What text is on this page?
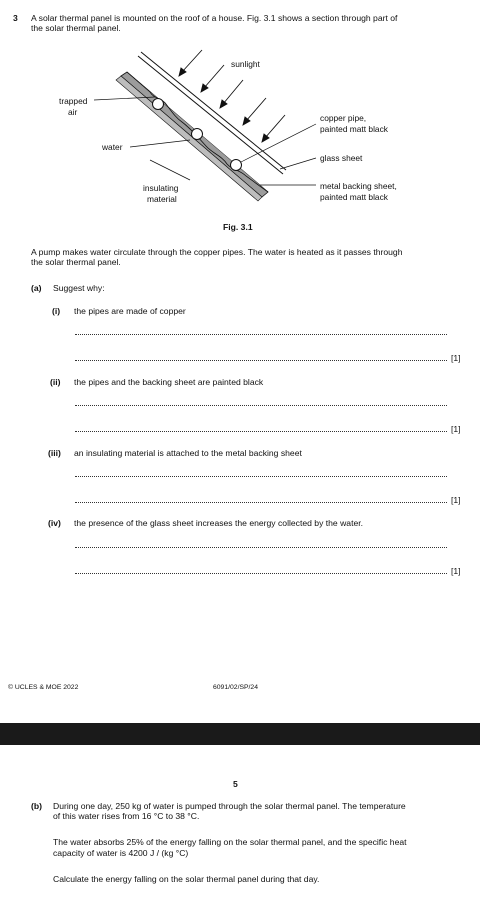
3 A solar thermal panel is mounted on the roof of a house. Fig. 3.1 shows a section through part of
the solar thermal panel.
sunlight
trapped
air
water
insulating
material
copper pipe,
painted matt black
glass sheet
metal backing sheet,
painted matt black
Fig. 3.1
A pump makes water circulate through the copper pipes. The water is heated as it passes through
the solar thermal panel.
(a) Suggest why:
(i) the pipes are made of copper
[1]
(ii) the pipes and the backing sheet are painted black
[1]
(iii) an insulating material is attached to the metal backing sheet
[1]
(iv) the presence of the glass sheet increases the energy collected by the water.
[1]
© UCLES & MOE 2022	6091/02/SP/24
5
(b) During one day, 250 kg of water is pumped through the solar thermal panel. The temperature
of this water rises from 16 °C to 38 °C.
The water absorbs 25% of the energy falling on the solar thermal panel, and the specific heat
capacity of water is 4200 J / (kg °C)
Calculate the energy falling on the solar thermal panel during that day.
